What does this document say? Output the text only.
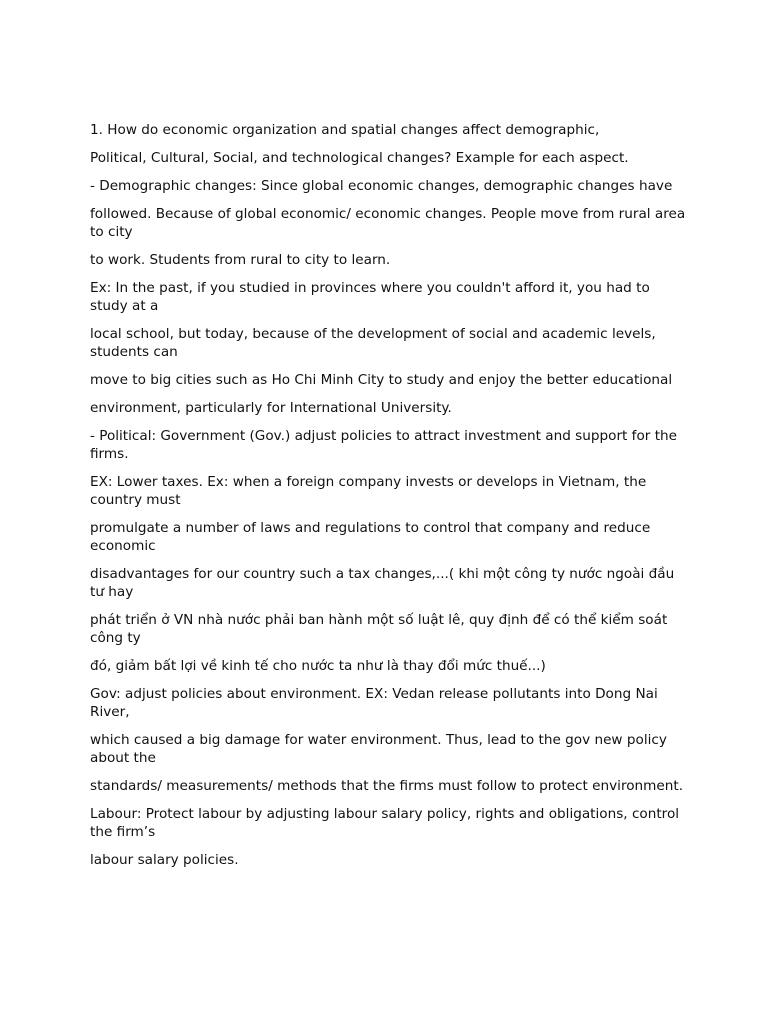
1. How do economic organization and spatial changes affect demographic,

Political, Cultural, Social, and technological changes? Example for each aspect.

- Demographic changes: Since global economic changes, demographic changes have

followed. Because of global economic/ economic changes. People move from rural area to city

to work. Students from rural to city to learn.

Ex: In the past, if you studied in provinces where you couldn't afford it, you had to study at a

local school, but today, because of the development of social and academic levels, students can

move to big cities such as Ho Chi Minh City to study and enjoy the better educational

environment, particularly for International University.

- Political: Government (Gov.) adjust policies to attract investment and support for the firms.

EX: Lower taxes. Ex: when a foreign company invests or develops in Vietnam, the country must

promulgate a number of laws and regulations to control that company and reduce economic

disadvantages for our country such a tax changes,...( khi một công ty nước ngoài đầu tư hay

phát triển ở VN nhà nước phải ban hành một số luật lê, quy định để có thể kiểm soát công ty

đó, giảm bất lợi về kinh tế cho nước ta như là thay đổi mức thuế...)

Gov: adjust policies about environment. EX: Vedan release pollutants into Dong Nai River,

which caused a big damage for water environment. Thus, lead to the gov new policy about the

standards/ measurements/ methods that the firms must follow to protect environment.

Labour: Protect labour by adjusting labour salary policy, rights and obligations, control the firm’s

labour salary policies.
